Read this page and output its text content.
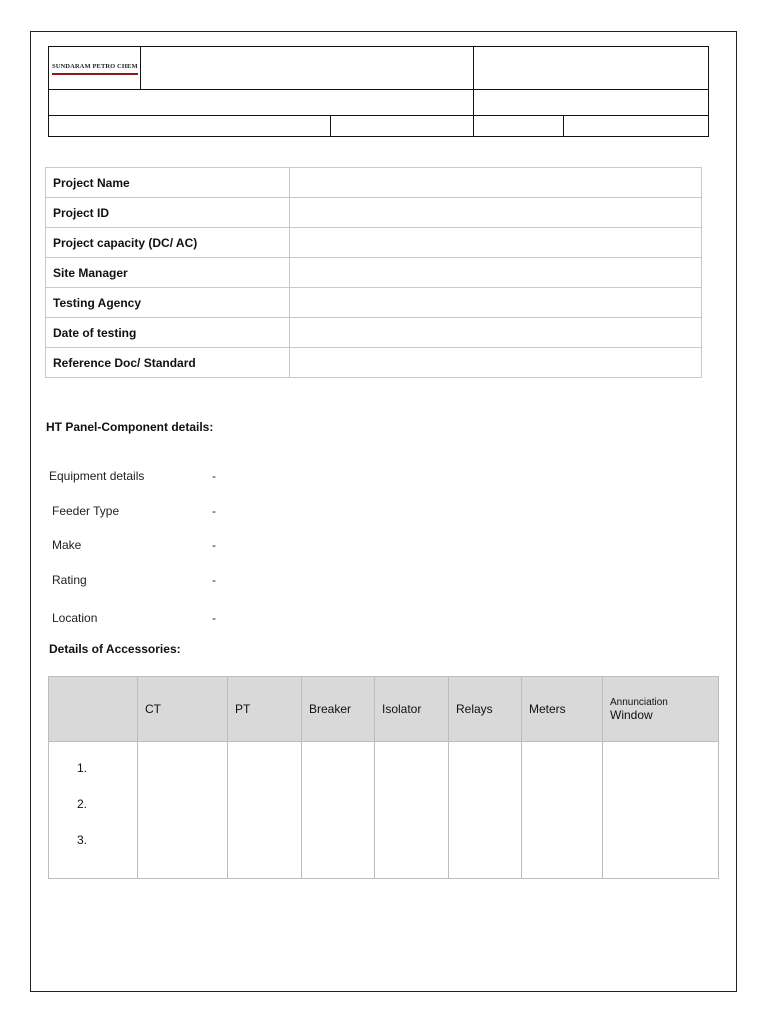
SUNDARAM PETRO CHEM
Project Name	
Project ID	
Project capacity (DC/ AC)	
Site Manager	
Testing Agency	
Date of testing	
Reference Doc/ Standard	
HT Panel-Component details:
Equipment details	-
Feeder Type	-
Make	-
Rating	-
Location	-
Details of Accessories:
	CT	PT	Breaker	Isolator	Relays	Meters	Annunciation
Window

1.
2.
3.							
